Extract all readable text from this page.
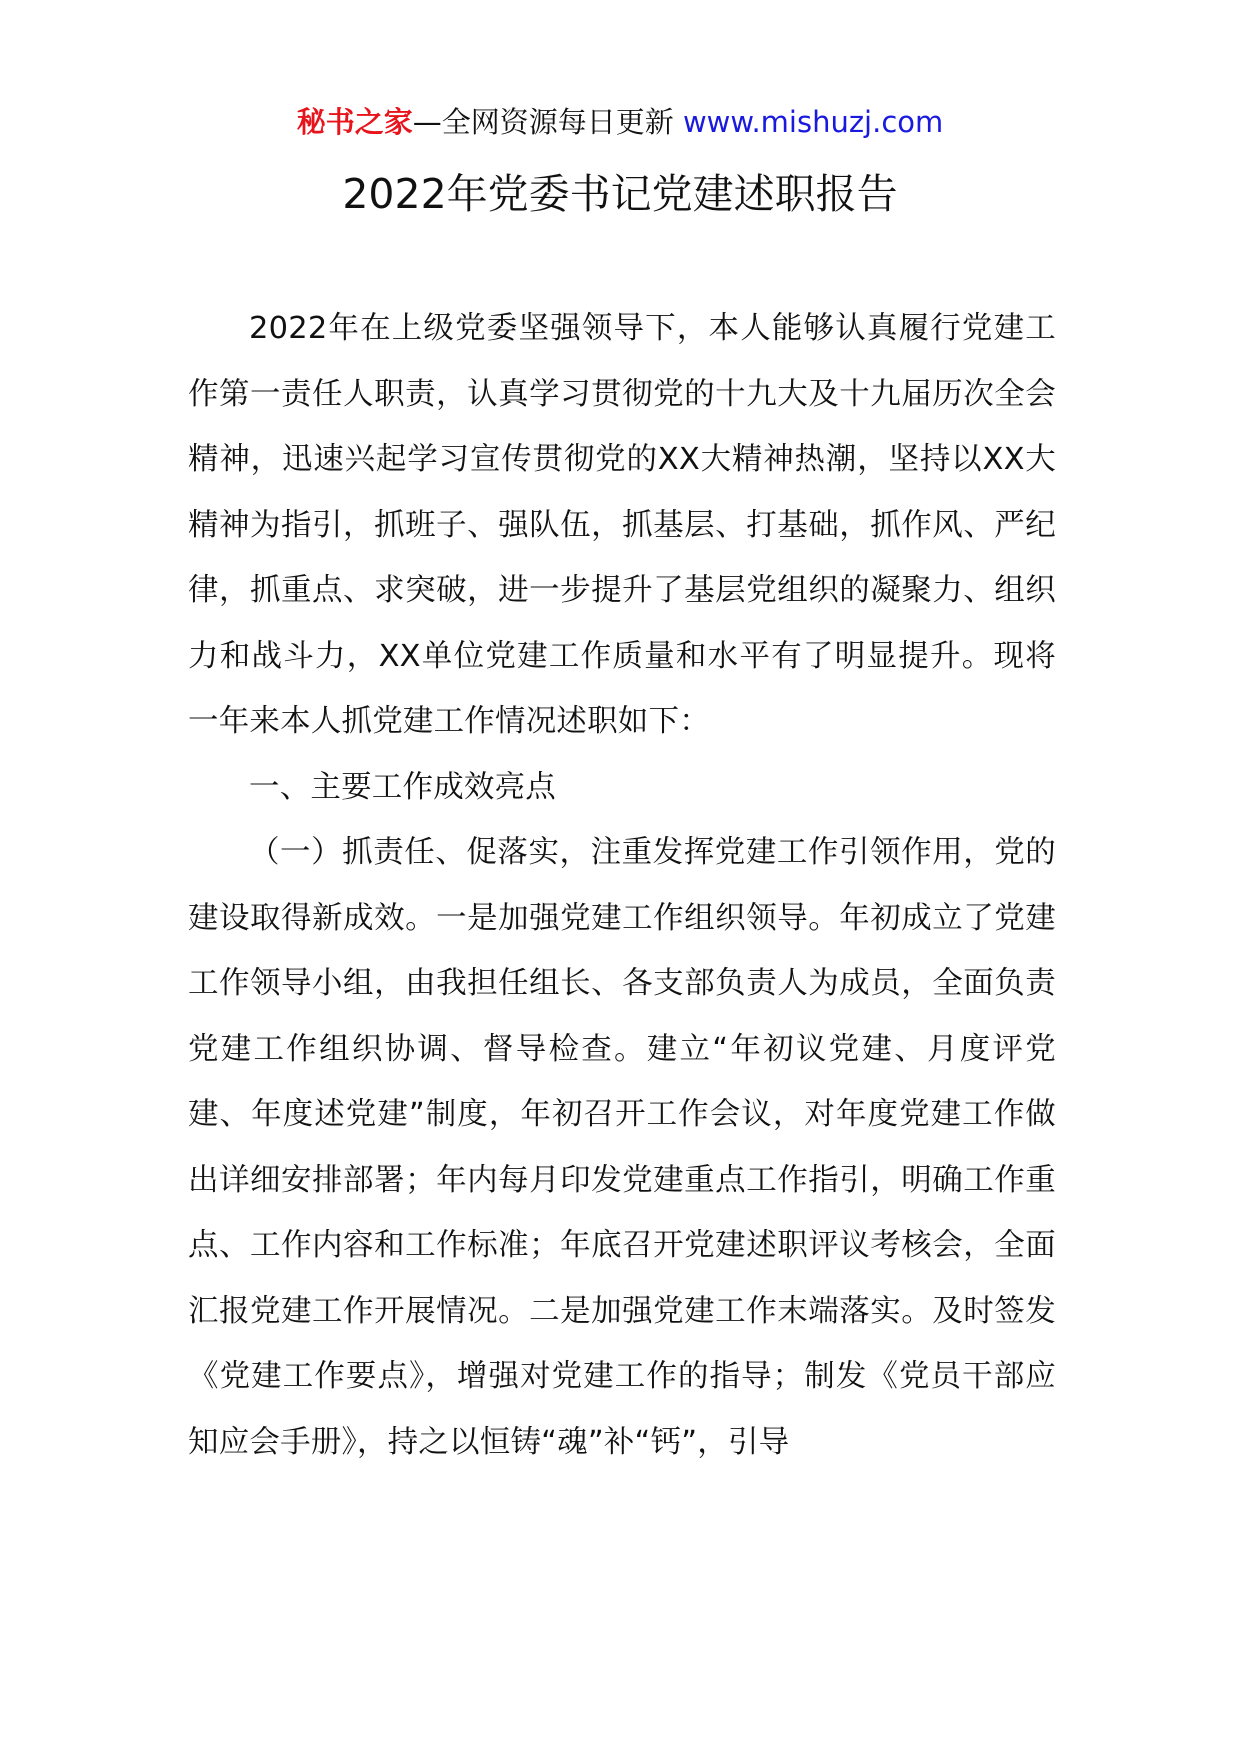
秘书之家—全网资源每日更新 www.mishuzj.com
2022年党委书记党建述职报告

2022年在上级党委坚强领导下，本人能够认真履行党建工作第一责任人职责，认真学习贯彻党的十九大及十九届历次全会精神，迅速兴起学习宣传贯彻党的XX大精神热潮，坚持以XX大精神为指引，抓班子、强队伍，抓基层、打基础，抓作风、严纪律，抓重点、求突破，进一步提升了基层党组织的凝聚力、组织力和战斗力，XX单位党建工作质量和水平有了明显提升。现将一年来本人抓党建工作情况述职如下：

一、主要工作成效亮点

（一）抓责任、促落实，注重发挥党建工作引领作用，党的建设取得新成效。一是加强党建工作组织领导。年初成立了党建工作领导小组，由我担任组长、各支部负责人为成员，全面负责党建工作组织协调、督导检查。建立“年初议党建、月度评党建、年度述党建”制度，年初召开工作会议，对年度党建工作做出详细安排部署；年内每月印发党建重点工作指引，明确工作重点、工作内容和工作标准；年底召开党建述职评议考核会，全面汇报党建工作开展情况。二是加强党建工作末端落实。及时签发《党建工作要点》，增强对党建工作的指导；制发《党员干部应知应会手册》，持之以恒铸“魂”补“钙”，引导
